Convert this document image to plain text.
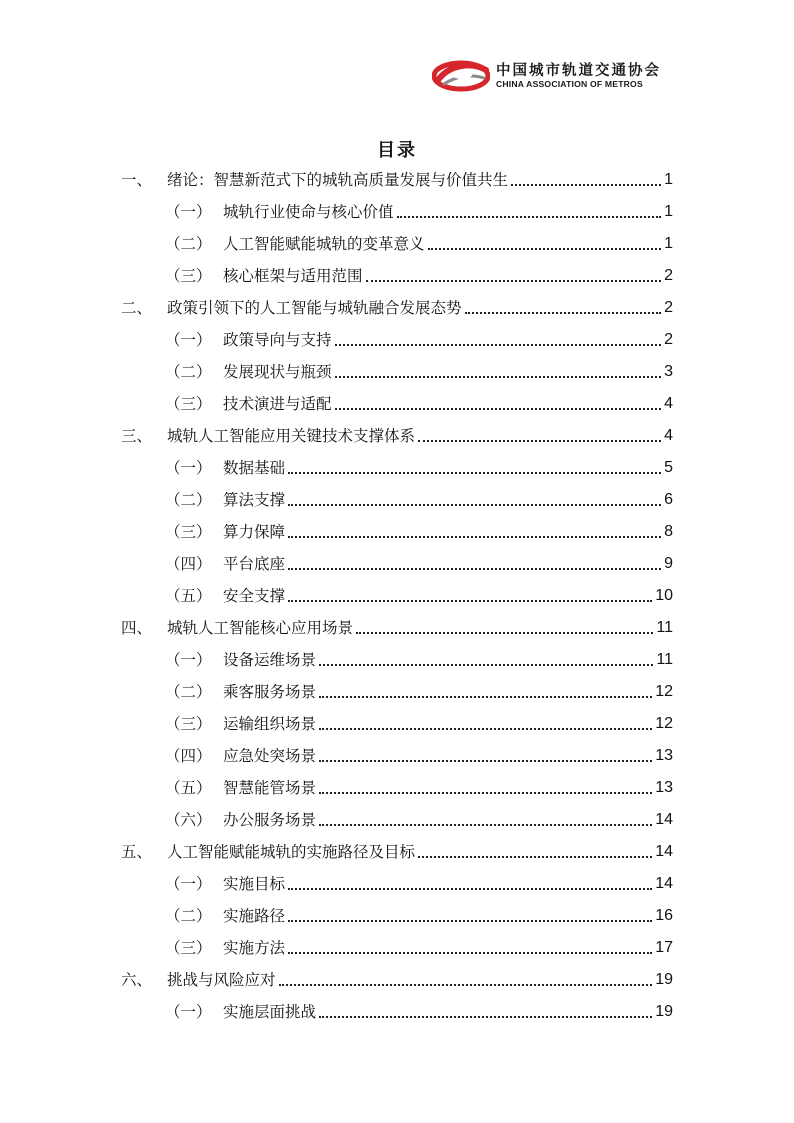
中国城市轨道交通协会
CHINA ASSOCIATION OF METROS
目录
一、 绪论：智慧新范式下的城轨高质量发展与价值共生	1
（一） 城轨行业使命与核心价值	1
（二） 人工智能赋能城轨的变革意义	1
（三） 核心框架与适用范围	2
二、 政策引领下的人工智能与城轨融合发展态势	2
（一） 政策导向与支持	2
（二） 发展现状与瓶颈	3
（三） 技术演进与适配	4
三、 城轨人工智能应用关键技术支撑体系	4
（一） 数据基础	5
（二） 算法支撑	6
（三） 算力保障	8
（四） 平台底座	9
（五） 安全支撑	10
四、 城轨人工智能核心应用场景	11
（一） 设备运维场景	11
（二） 乘客服务场景	12
（三） 运输组织场景	12
（四） 应急处突场景	13
（五） 智慧能管场景	13
（六） 办公服务场景	14
五、 人工智能赋能城轨的实施路径及目标	14
（一） 实施目标	14
（二） 实施路径	16
（三） 实施方法	17
六、 挑战与风险应对	19
（一） 实施层面挑战	19
